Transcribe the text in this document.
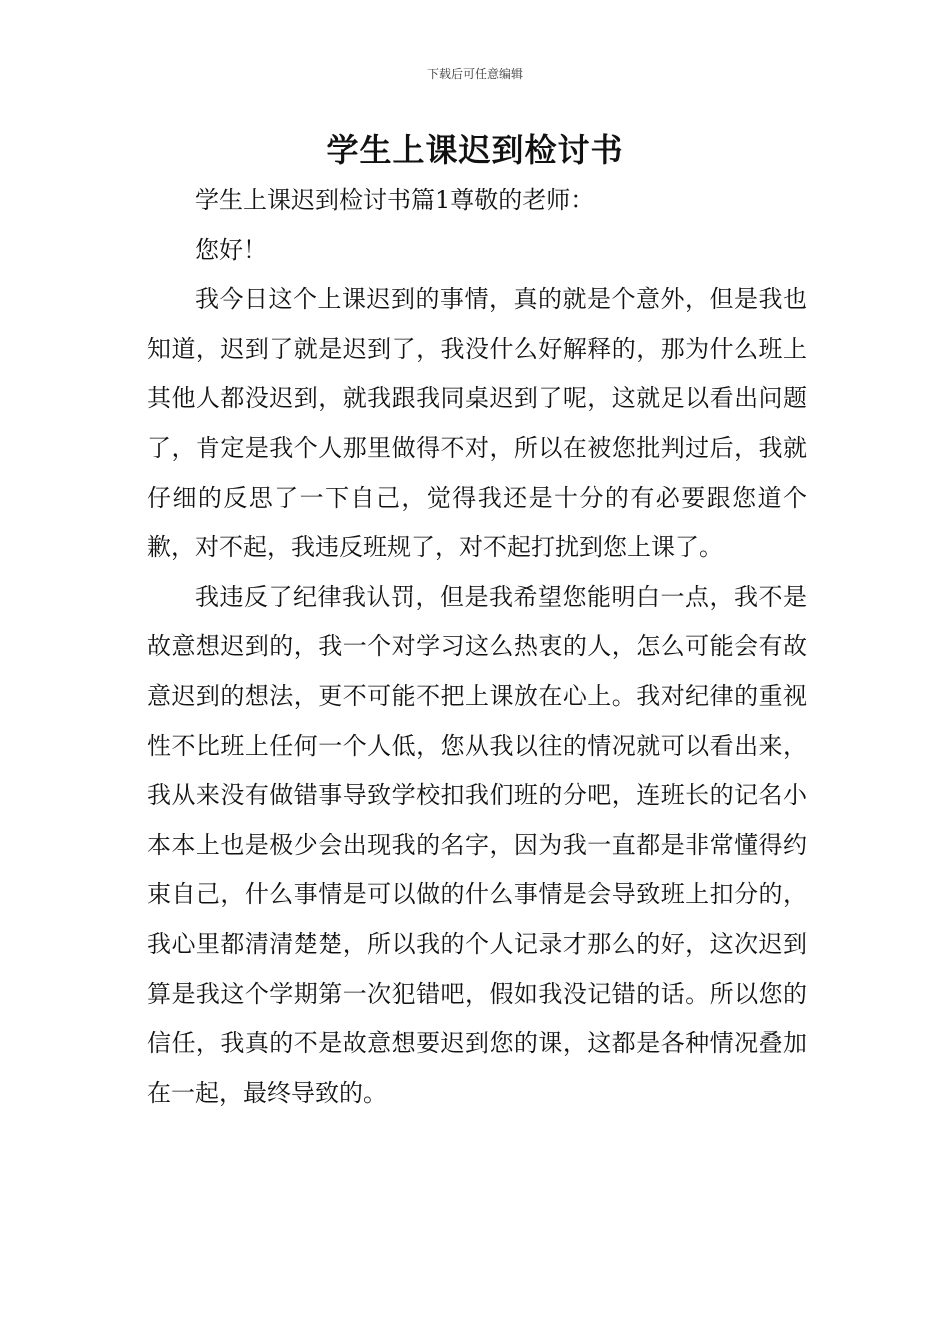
下载后可任意编辑
学生上课迟到检讨书

学生上课迟到检讨书篇1尊敬的老师：

您好！

我今日这个上课迟到的事情，真的就是个意外，但是我也知道，迟到了就是迟到了，我没什么好解释的，那为什么班上其他人都没迟到，就我跟我同桌迟到了呢，这就足以看出问题了，肯定是我个人那里做得不对，所以在被您批判过后，我就仔细的反思了一下自己，觉得我还是十分的有必要跟您道个歉，对不起，我违反班规了，对不起打扰到您上课了。

我违反了纪律我认罚，但是我希望您能明白一点，我不是故意想迟到的，我一个对学习这么热衷的人，怎么可能会有故意迟到的想法，更不可能不把上课放在心上。我对纪律的重视性不比班上任何一个人低，您从我以往的情况就可以看出来，我从来没有做错事导致学校扣我们班的分吧，连班长的记名小本本上也是极少会出现我的名字，因为我一直都是非常懂得约束自己，什么事情是可以做的什么事情是会导致班上扣分的，我心里都清清楚楚，所以我的个人记录才那么的好，这次迟到算是我这个学期第一次犯错吧，假如我没记错的话。所以您的信任，我真的不是故意想要迟到您的课，这都是各种情况叠加在一起，最终导致的。
